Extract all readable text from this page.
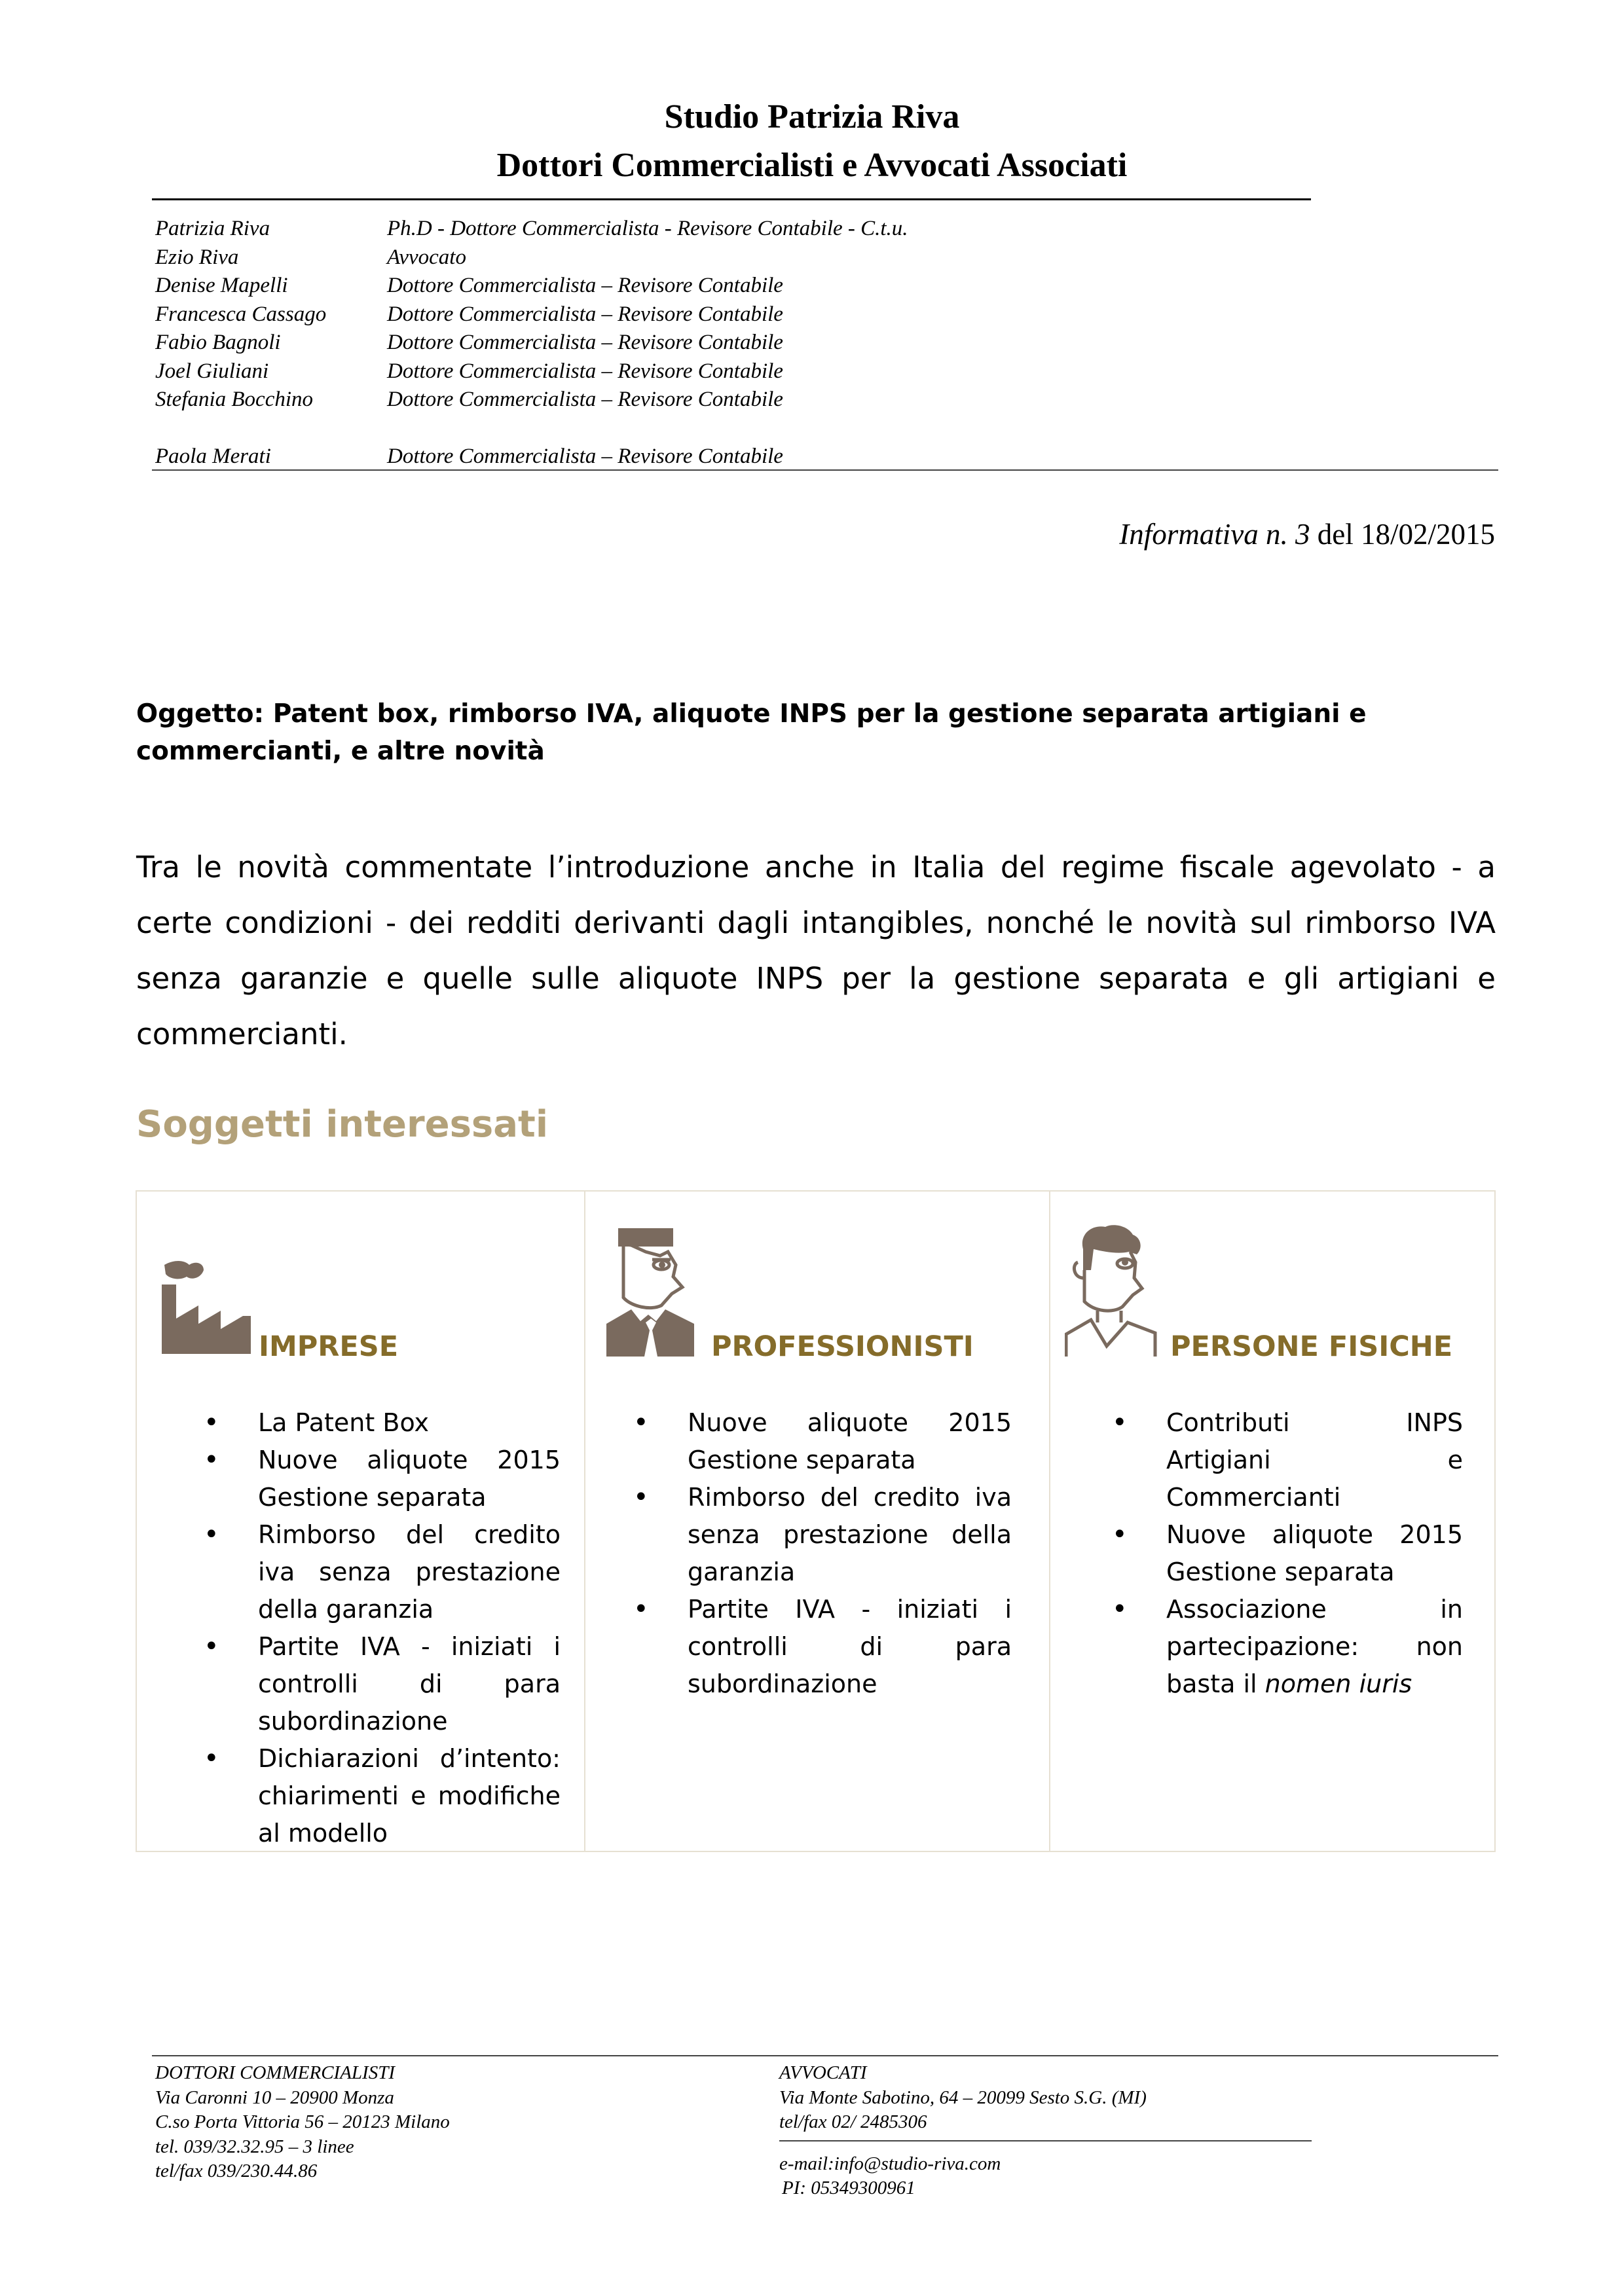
Studio Patrizia Riva
Dottori Commercialisti e Avvocati Associati
Patrizia Riva	Ph.D - Dottore Commercialista - Revisore Contabile - C.t.u.
Ezio Riva	Avvocato
Denise Mapelli	Dottore Commercialista – Revisore Contabile
Francesca Cassago	Dottore Commercialista – Revisore Contabile
Fabio Bagnoli	Dottore Commercialista – Revisore Contabile
Joel Giuliani	Dottore Commercialista – Revisore Contabile
Stefania Bocchino	Dottore Commercialista – Revisore Contabile
Paola Merati	Dottore Commercialista – Revisore Contabile
Informativa n. 3 del 18/02/2015
Oggetto: Patent box, rimborso IVA, aliquote INPS per la gestione separata artigiani e commercianti, e altre novità
Tra le novità commentate l’introduzione anche in Italia del regime fiscale agevolato - a certe condizioni - dei redditi derivanti dagli intangibles, nonché le novità sul rimborso IVA senza garanzie e quelle sulle aliquote INPS per la gestione separata e gli artigiani e commercianti.
Soggetti interessati
IMPRESE
• La Patent Box
• Nuove aliquote 2015 Gestione separata
• Rimborso del credito iva senza prestazione della garanzia
• Partite IVA - iniziati i controlli di para subordinazione
• Dichiarazioni d’intento: chiarimenti e modifiche al modello
PROFESSIONISTI
• Nuove aliquote 2015 Gestione separata
• Rimborso del credito iva senza prestazione della garanzia
• Partite IVA - iniziati i controlli di para subordinazione
PERSONE FISICHE
• Contributi INPS Artigiani e Commercianti
• Nuove aliquote 2015 Gestione separata
• Associazione in partecipazione: non basta il nomen iuris
DOTTORI COMMERCIALISTI
Via Caronni 10 – 20900 Monza
C.so Porta Vittoria 56 – 20123 Milano
tel. 039/32.32.95 – 3 linee
tel/fax 039/230.44.86
AVVOCATI
Via Monte Sabotino, 64 – 20099 Sesto S.G. (MI)
tel/fax 02/ 2485306
e-mail:info@studio-riva.com
PI: 05349300961
